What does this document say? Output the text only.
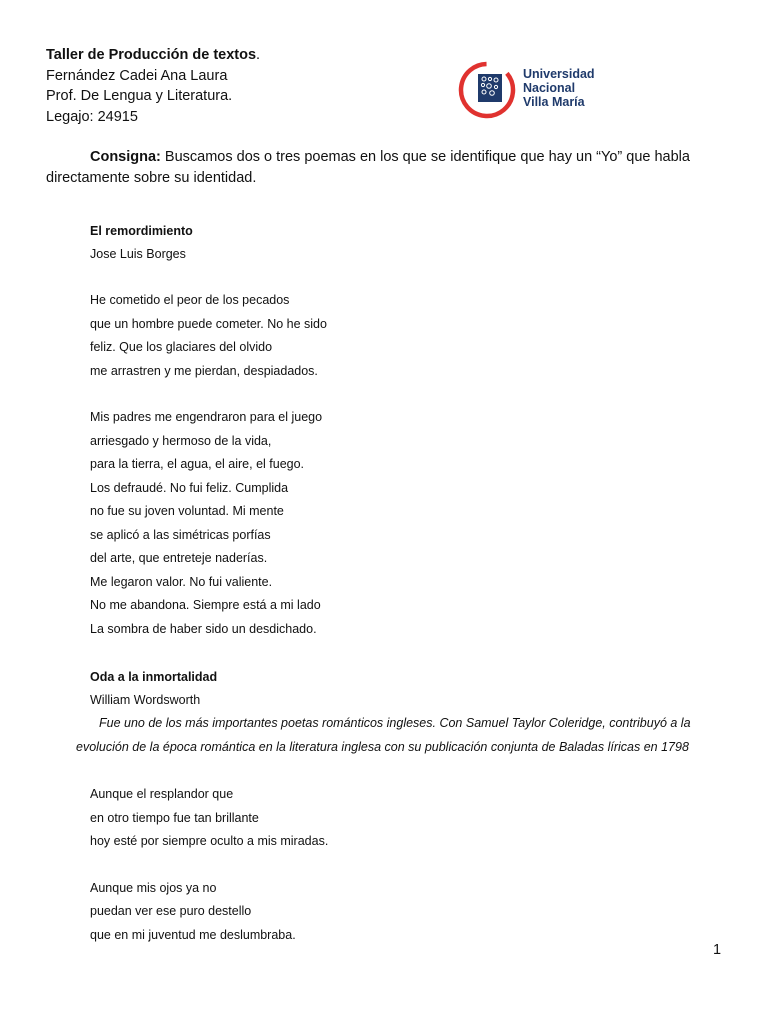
Taller de Producción de textos.
Fernández Cadei Ana Laura
Prof. De Lengua y Literatura.
Legajo: 24915
Universidad
Nacional
Villa María
Consigna: Buscamos dos o tres poemas en los que se identifique que hay un “Yo” que habla directamente sobre su identidad.
El remordimiento
Jose Luis Borges
He cometido el peor de los pecados
que un hombre puede cometer. No he sido
feliz. Que los glaciares del olvido
me arrastren y me pierdan, despiadados.
Mis padres me engendraron para el juego
arriesgado y hermoso de la vida,
para la tierra, el agua, el aire, el fuego.
Los defraudé. No fui feliz. Cumplida
no fue su joven voluntad. Mi mente
se aplicó a las simétricas porfías
del arte, que entreteje naderías.
Me legaron valor. No fui valiente.
No me abandona. Siempre está a mi lado
La sombra de haber sido un desdichado.
Oda a la inmortalidad
William Wordsworth
Fue uno de los más importantes poetas románticos ingleses. Con Samuel Taylor Coleridge, contribuyó a la
evolución de la época romántica en la literatura inglesa con su publicación conjunta de Baladas líricas en 1798
Aunque el resplandor que
en otro tiempo fue tan brillante
hoy esté por siempre oculto a mis miradas.
Aunque mis ojos ya no
puedan ver ese puro destello
que en mi juventud me deslumbraba.
1
